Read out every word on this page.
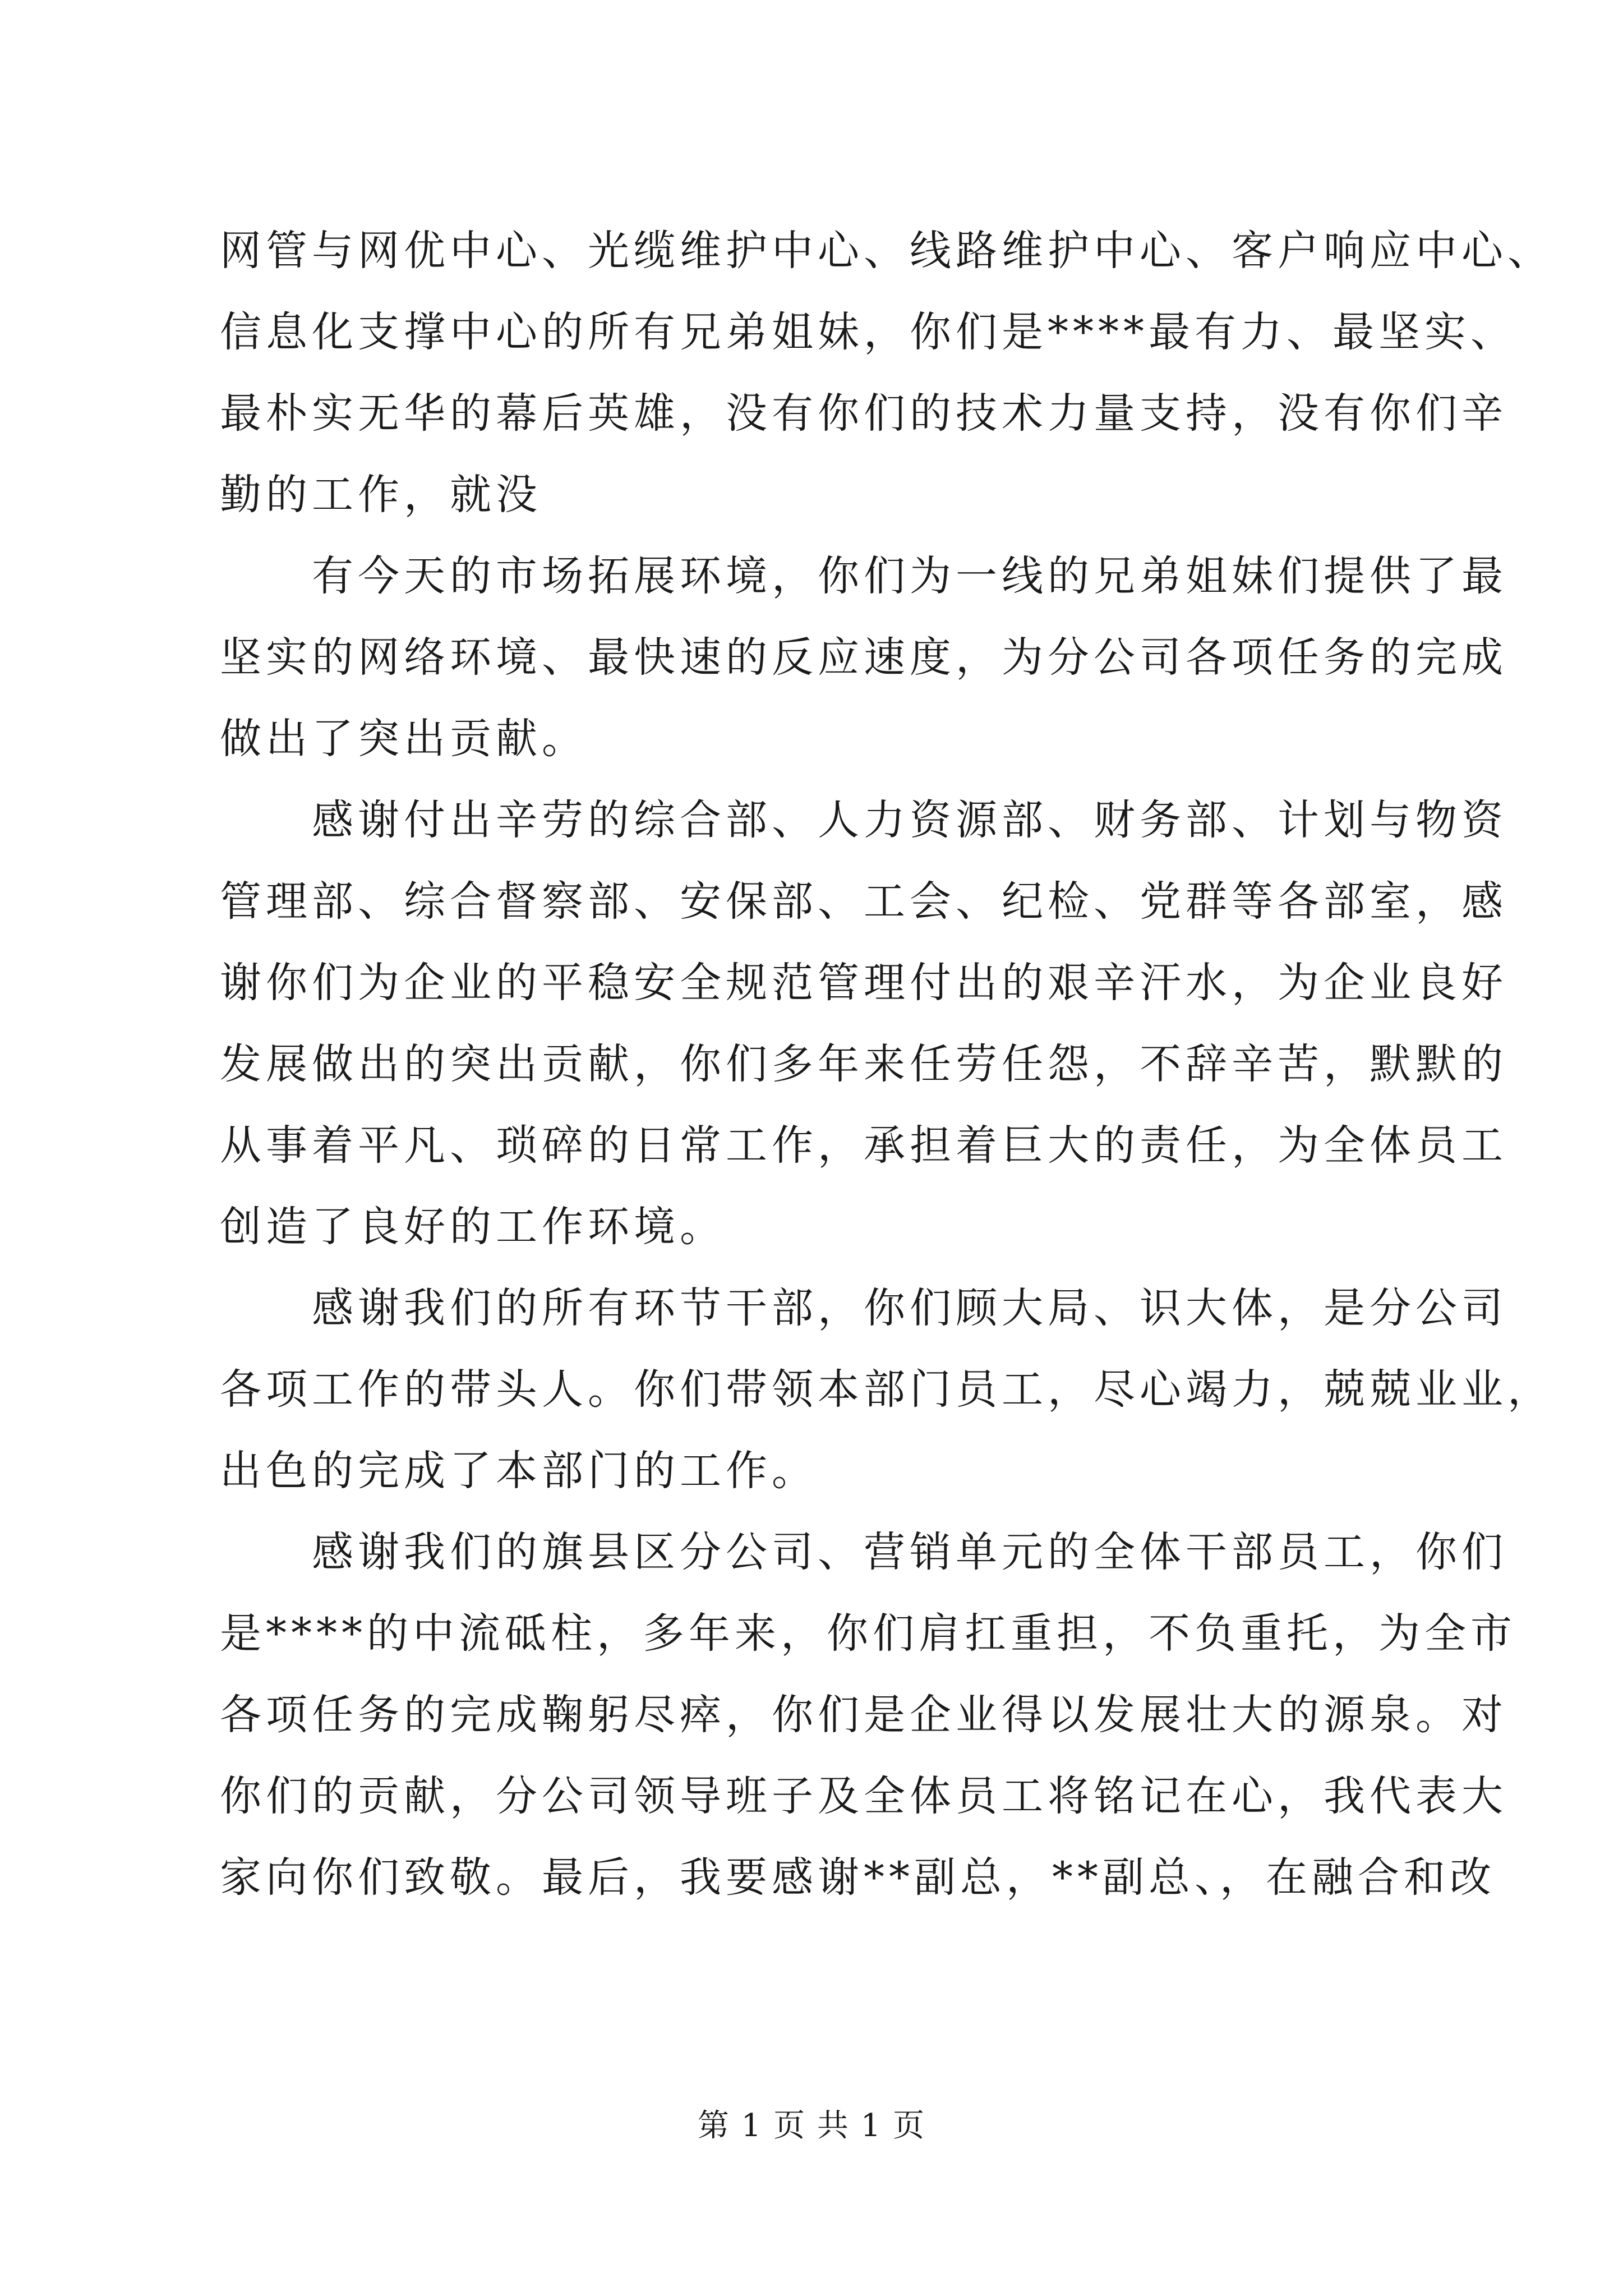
网管与网优中心、光缆维护中心、线路维护中心、客户响应中心、
信息化支撑中心的所有兄弟姐妹，你们是****最有力、最坚实、
最朴实无华的幕后英雄，没有你们的技术力量支持，没有你们辛
勤的工作，就没
　　有今天的市场拓展环境，你们为一线的兄弟姐妹们提供了最
坚实的网络环境、最快速的反应速度，为分公司各项任务的完成
做出了突出贡献。
　　感谢付出辛劳的综合部、人力资源部、财务部、计划与物资
管理部、综合督察部、安保部、工会、纪检、党群等各部室，感
谢你们为企业的平稳安全规范管理付出的艰辛汗水，为企业良好
发展做出的突出贡献，你们多年来任劳任怨，不辞辛苦，默默的
从事着平凡、琐碎的日常工作，承担着巨大的责任，为全体员工
创造了良好的工作环境。
　　感谢我们的所有环节干部，你们顾大局、识大体，是分公司
各项工作的带头人。你们带领本部门员工，尽心竭力，兢兢业业，
出色的完成了本部门的工作。
　　感谢我们的旗县区分公司、营销单元的全体干部员工，你们
是****的中流砥柱，多年来，你们肩扛重担，不负重托，为全市
各项任务的完成鞠躬尽瘁，你们是企业得以发展壮大的源泉。对
你们的贡献，分公司领导班子及全体员工将铭记在心，我代表大
家向你们致敬。最后，我要感谢**副总，**副总、，在融合和改
第 1 页 共 1 页
